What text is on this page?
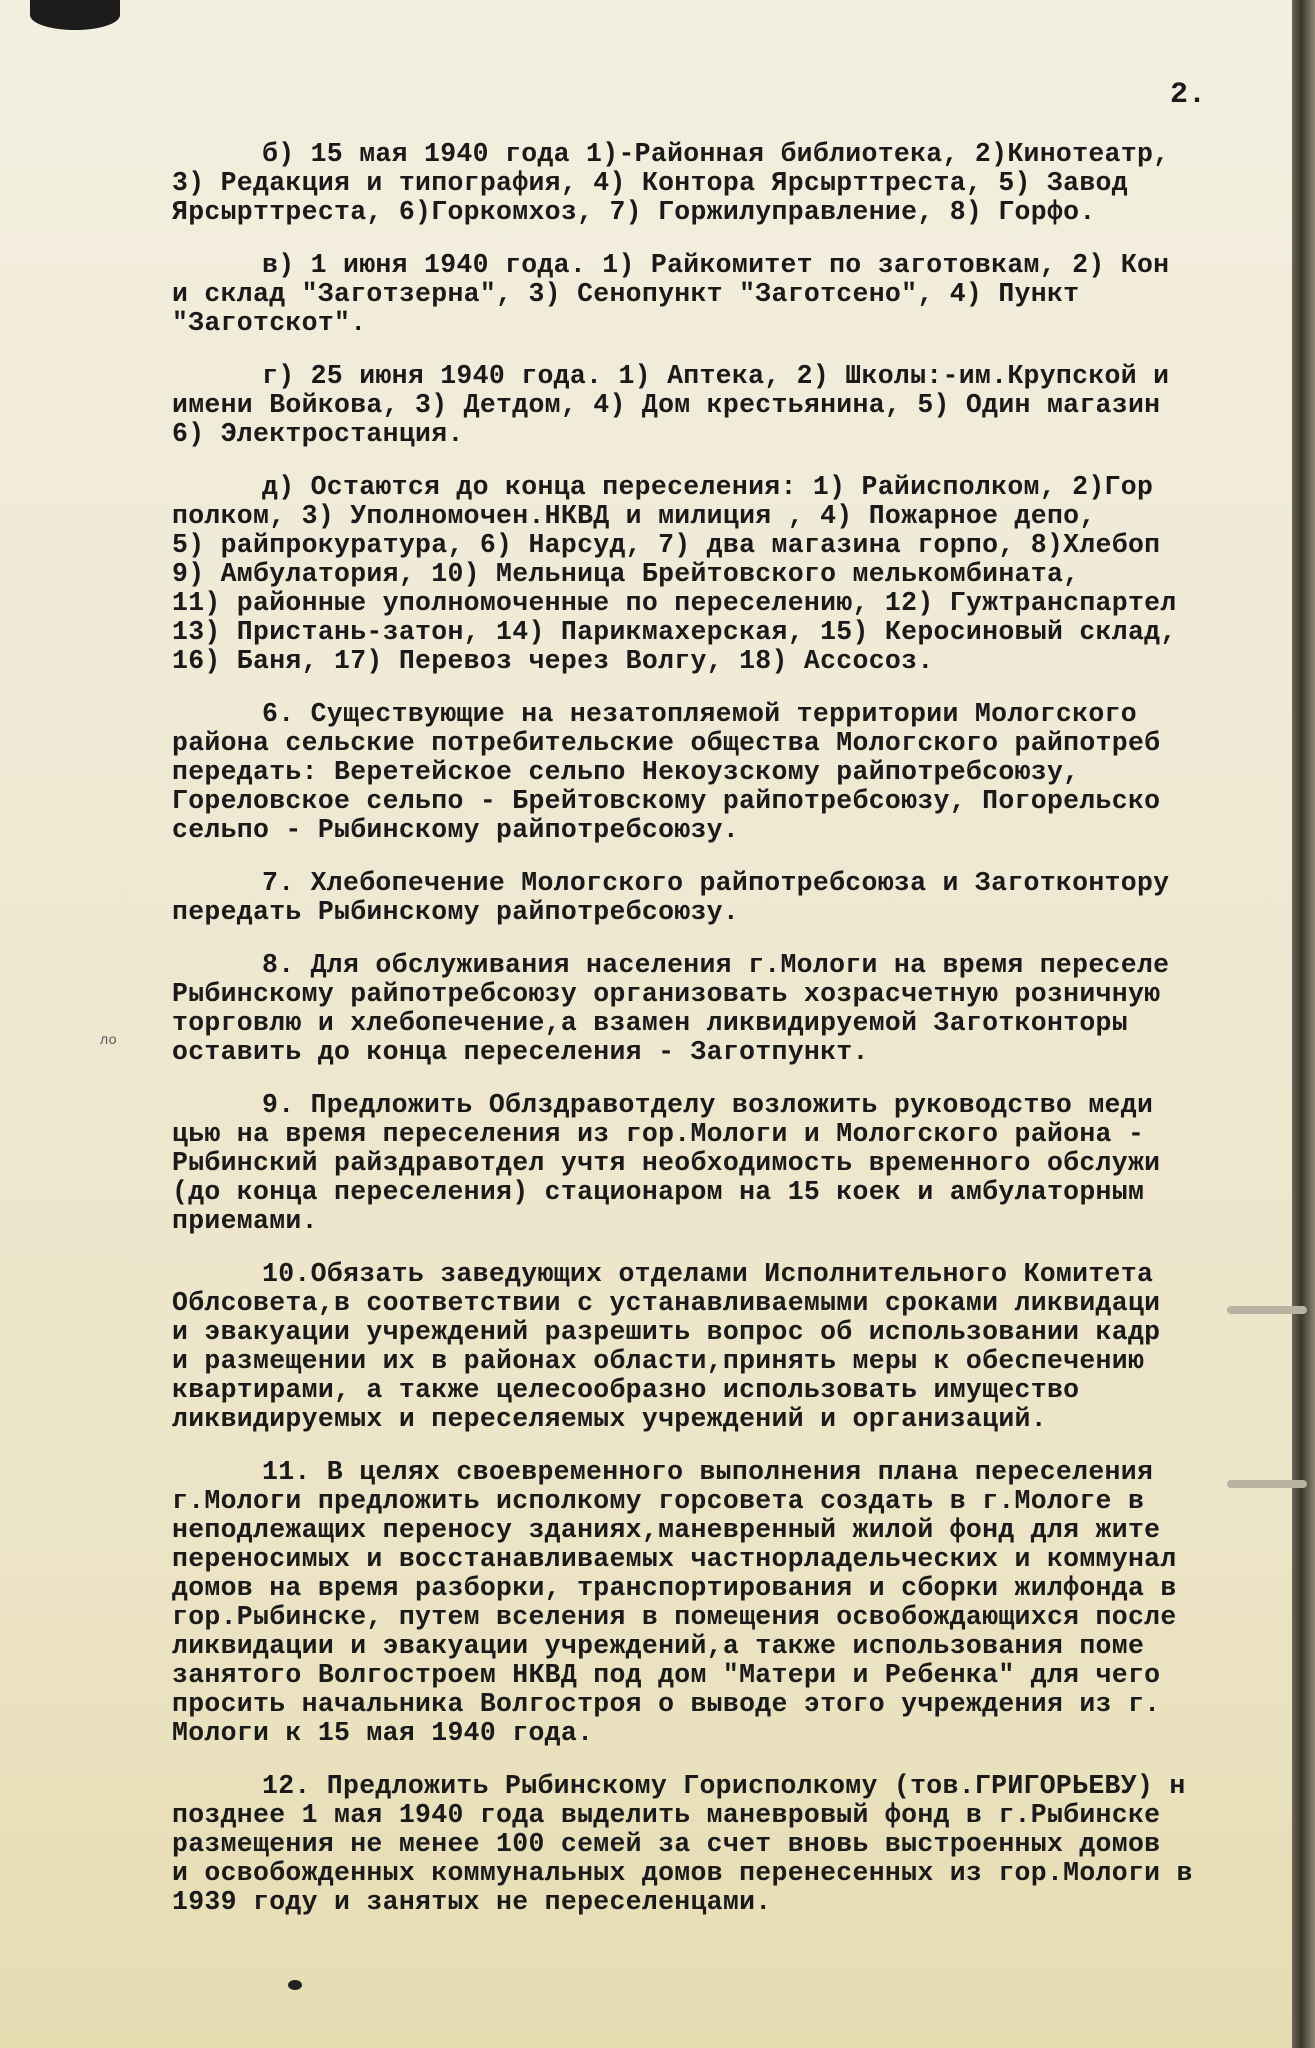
2.
ло
б) 15 мая 1940 года 1)-Районная библиотека, 2)Кинотеатр,
3) Редакция и типография, 4) Контора Ярсырттреста, 5) Завод
Ярсырттреста, 6)Горкомхоз, 7) Горжилуправление, 8) Горфо.
в) 1 июня 1940 года. 1) Райкомитет по заготовкам, 2) Кон
и склад "Заготзерна", 3) Сенопункт "Заготсено", 4) Пункт
"Заготскот".
г) 25 июня 1940 года. 1) Аптека, 2) Школы:-им.Крупской и
имени Войкова, 3) Детдом, 4) Дом крестьянина, 5) Один магазин
6) Электростанция.
д) Остаются до конца переселения: 1) Райисполком, 2)Гор
полком, 3) Уполномочен.НКВД и милиция , 4) Пожарное депо,
5) райпрокуратура, 6) Нарсуд, 7) два магазина горпо, 8)Хлебоп
9) Амбулатория, 10) Мельница Брейтовского мелькомбината,
11) районные уполномоченные по переселению, 12) Гужтранспартел
13) Пристань-затон, 14) Парикмахерская, 15) Керосиновый склад,
16) Баня, 17) Перевоз через Волгу, 18) Ассосоз.
6. Существующие на незатопляемой территории Мологского
района сельские потребительские общества Мологского райпотреб
передать: Веретейское сельпо Некоузскому райпотребсоюзу,
Гореловское сельпо - Брейтовскому райпотребсоюзу, Погорельско
сельпо - Рыбинскому райпотребсоюзу.
7. Хлебопечение Мологского райпотребсоюза и Заготконтору
передать Рыбинскому райпотребсоюзу.
8. Для обслуживания населения г.Мологи на время переселе
Рыбинскому райпотребсоюзу организовать хозрасчетную розничную
торговлю и хлебопечение,а взамен ликвидируемой Заготконторы
оставить до конца переселения - Заготпункт.
9. Предложить Облздравотделу возложить руководство меди
цью на время переселения из гор.Мологи и Мологского района -
Рыбинский райздравотдел учтя необходимость временного обслужи
(до конца переселения) стационаром на 15 коек и амбулаторным
приемами.
10.Обязать заведующих отделами Исполнительного Комитета
Облсовета,в соответствии с устанавливаемыми сроками ликвидаци
и эвакуации учреждений разрешить вопрос об использовании кадр
и размещении их в районах области,принять меры к обеспечению
квартирами, а также целесообразно использовать имущество
ликвидируемых и переселяемых учреждений и организаций.
11. В целях своевременного выполнения плана переселения
г.Мологи предложить исполкому горсовета создать в г.Мологе в
неподлежащих переносу зданиях,маневренный жилой фонд для жите
переносимых и восстанавливаемых частнорладельческих и коммунал
домов на время разборки, транспортирования и сборки жилфонда в
гор.Рыбинске, путем вселения в помещения освобождающихся после
ликвидации и эвакуации учреждений,а также использования поме
занятого Волгостроем НКВД под дом "Матери и Ребенка" для чего
просить начальника Волгостроя о выводе этого учреждения из г.
Мологи к 15 мая 1940 года.
12. Предложить Рыбинскому Горисполкому (тов.ГРИГОРЬЕВУ) н
позднее 1 мая 1940 года выделить маневровый фонд в г.Рыбинске
размещения не менее 100 семей за счет вновь выстроенных домов
и освобожденных коммунальных домов перенесенных из гор.Мологи в
1939 году и занятых не переселенцами.
